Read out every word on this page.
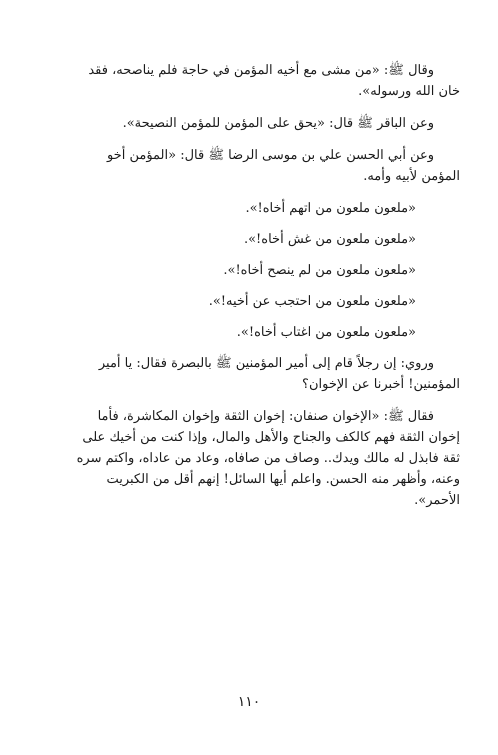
وقال ﷺ: «من مشى مع أخيه المؤمن في حاجة فلم يناصحه، فقد خان الله ورسوله».

وعن الباقر ﷺ قال: «يحق على المؤمن للمؤمن النصيحة».

وعن أبي الحسن علي بن موسى الرضا ﷺ قال: «المؤمن أخو المؤمن لأبيه وأمه.

«ملعون ملعون من اتهم أخاه!».

«ملعون ملعون من غش أخاه!».

«ملعون ملعون من لم ينصح أخاه!».

«ملعون ملعون من احتجب عن أخيه!».

«ملعون ملعون من اغتاب أخاه!».

وروي: إن رجلاً قام إلى أمير المؤمنين ﷺ بالبصرة فقال: يا أمير المؤمنين! أخبرنا عن الإخوان؟

فقال ﷺ: «الإخوان صنفان: إخوان الثقة وإخوان المكاشرة، فأما إخوان الثقة فهم كالكف والجناح والأهل والمال، وإذا كنت من أخيك على ثقة فابذل له مالك ويدك.. وصاف من صافاه، وعاد من عاداه، واكتم سره وعنه، وأظهر منه الحسن. واعلم أيها السائل! إنهم أقل من الكبريت الأحمر».

١١٠
